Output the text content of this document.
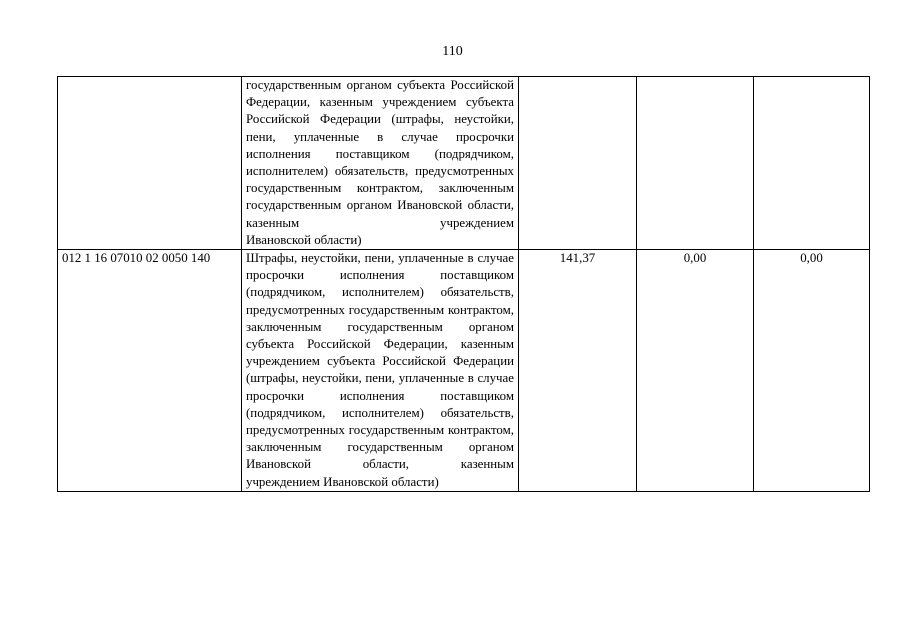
110

	государственным органом субъекта Российской Федерации, казенным учреждением субъекта Российской Федерации (штрафы, неустойки, пени, уплаченные в случае просрочки исполнения поставщиком (подрядчиком, исполнителем) обязательств, предусмотренных государственным контрактом, заключенным государственным органом Ивановской области, казенным учреждением
Ивановской области)			

012 1 16 07010 02 0050 140	Штрафы, неустойки, пени, уплаченные в случае просрочки исполнения поставщиком (подрядчиком, исполнителем) обязательств, предусмотренных государственным контрактом, заключенным государственным органом субъекта Российской Федерации, казенным учреждением субъекта Российской Федерации (штрафы, неустойки, пени, уплаченные в случае просрочки исполнения поставщиком (подрядчиком, исполнителем) обязательств, предусмотренных государственным контрактом, заключенным государственным органом Ивановской области, казенным
учреждением Ивановской области)	141,37	0,00	0,00
